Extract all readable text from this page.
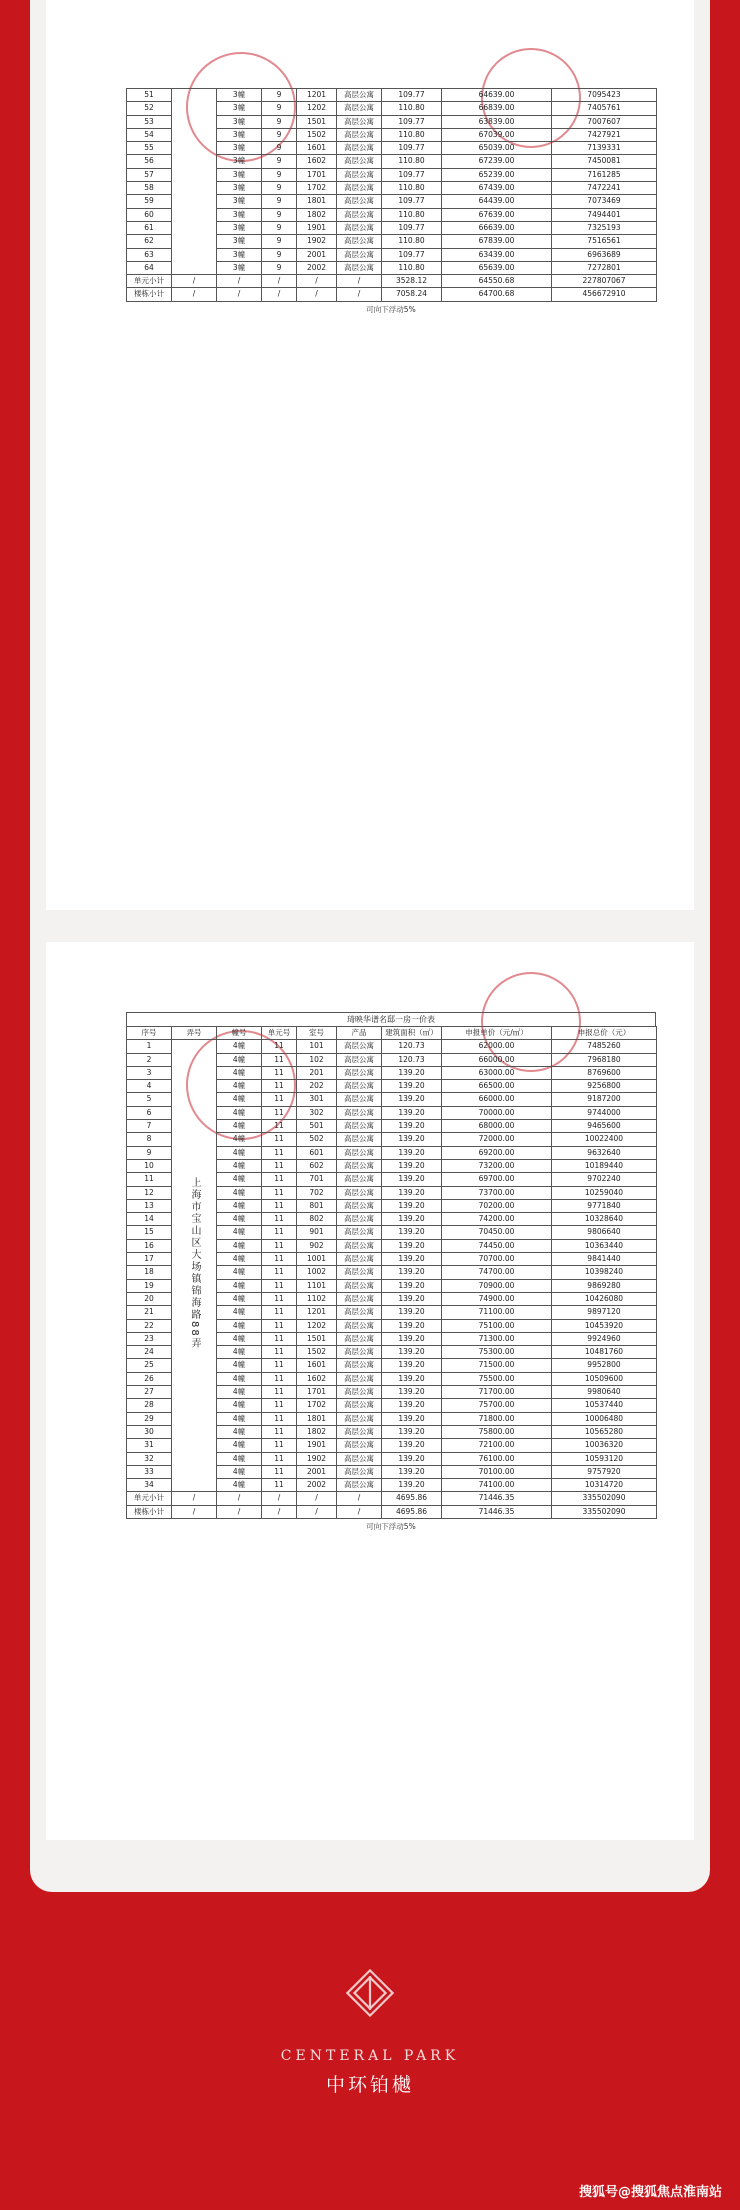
51		3幢	9	1201	高层公寓	109.77	64639.00	7095423
52		3幢	9	1202	高层公寓	110.80	66839.00	7405761
53		3幢	9	1501	高层公寓	109.77	63839.00	7007607
54		3幢	9	1502	高层公寓	110.80	67039.00	7427921
55		3幢	9	1601	高层公寓	109.77	65039.00	7139331
56		3幢	9	1602	高层公寓	110.80	67239.00	7450081
57		3幢	9	1701	高层公寓	109.77	65239.00	7161285
58		3幢	9	1702	高层公寓	110.80	67439.00	7472241
59		3幢	9	1801	高层公寓	109.77	64439.00	7073469
60		3幢	9	1802	高层公寓	110.80	67639.00	7494401
61		3幢	9	1901	高层公寓	109.77	66639.00	7325193
62		3幢	9	1902	高层公寓	110.80	67839.00	7516561
63		3幢	9	2001	高层公寓	109.77	63439.00	6963689
64		3幢	9	2002	高层公寓	110.80	65639.00	7272801
单元小计	/	/	/	/	/	3528.12	64550.68	227807067
楼栋小计	/	/	/	/	/	7058.24	64700.68	456672910
可向下浮动5%
琦映华谱名邸一房一价表
序号	弄号	幢号	单元号	室号	产品	建筑面积（㎡）	申报单价（元/㎡）	申报总价（元）
1	上海市宝山区大场镇锦海路88弄	4幢	11	101	高层公寓	120.73	62000.00	7485260
2		4幢	11	102	高层公寓	120.73	66000.00	7968180
3		4幢	11	201	高层公寓	139.20	63000.00	8769600
4		4幢	11	202	高层公寓	139.20	66500.00	9256800
5		4幢	11	301	高层公寓	139.20	66000.00	9187200
6		4幢	11	302	高层公寓	139.20	70000.00	9744000
7		4幢	11	501	高层公寓	139.20	68000.00	9465600
8		4幢	11	502	高层公寓	139.20	72000.00	10022400
9		4幢	11	601	高层公寓	139.20	69200.00	9632640
10		4幢	11	602	高层公寓	139.20	73200.00	10189440
11		4幢	11	701	高层公寓	139.20	69700.00	9702240
12		4幢	11	702	高层公寓	139.20	73700.00	10259040
13		4幢	11	801	高层公寓	139.20	70200.00	9771840
14		4幢	11	802	高层公寓	139.20	74200.00	10328640
15		4幢	11	901	高层公寓	139.20	70450.00	9806640
16		4幢	11	902	高层公寓	139.20	74450.00	10363440
17		4幢	11	1001	高层公寓	139.20	70700.00	9841440
18		4幢	11	1002	高层公寓	139.20	74700.00	10398240
19		4幢	11	1101	高层公寓	139.20	70900.00	9869280
20		4幢	11	1102	高层公寓	139.20	74900.00	10426080
21		4幢	11	1201	高层公寓	139.20	71100.00	9897120
22		4幢	11	1202	高层公寓	139.20	75100.00	10453920
23		4幢	11	1501	高层公寓	139.20	71300.00	9924960
24		4幢	11	1502	高层公寓	139.20	75300.00	10481760
25		4幢	11	1601	高层公寓	139.20	71500.00	9952800
26		4幢	11	1602	高层公寓	139.20	75500.00	10509600
27		4幢	11	1701	高层公寓	139.20	71700.00	9980640
28		4幢	11	1702	高层公寓	139.20	75700.00	10537440
29		4幢	11	1801	高层公寓	139.20	71800.00	10006480
30		4幢	11	1802	高层公寓	139.20	75800.00	10565280
31		4幢	11	1901	高层公寓	139.20	72100.00	10036320
32		4幢	11	1902	高层公寓	139.20	76100.00	10593120
33		4幢	11	2001	高层公寓	139.20	70100.00	9757920
34		4幢	11	2002	高层公寓	139.20	74100.00	10314720
单元小计	/	/	/	/	/	4695.86	71446.35	335502090
楼栋小计	/	/	/	/	/	4695.86	71446.35	335502090
可向下浮动5%
CENTERAL PARK
中环铂樾
搜狐号@搜狐焦点淮南站
